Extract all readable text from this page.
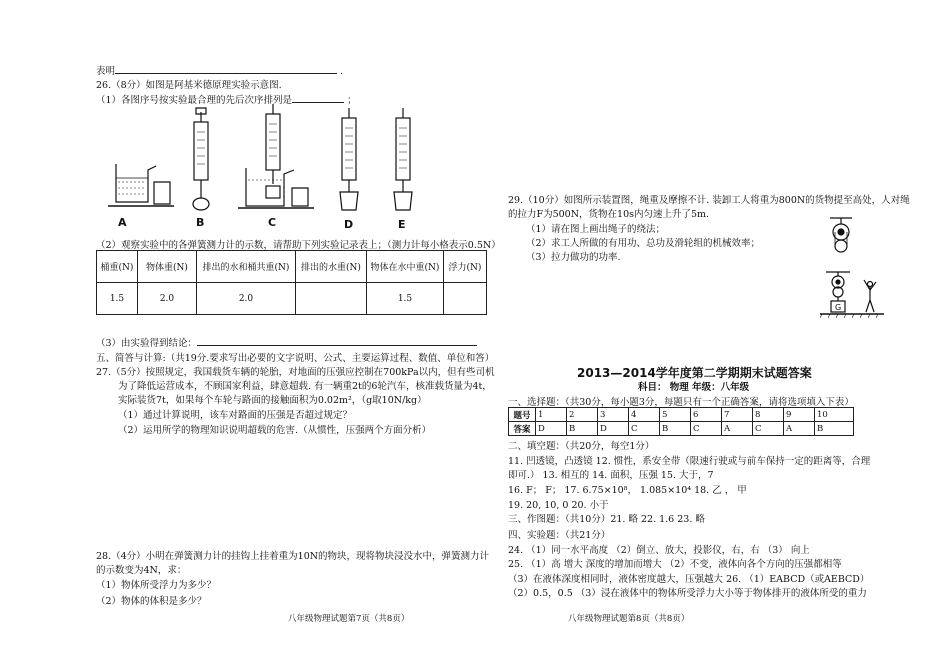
表明	.
26.（8分）如图是阿基米德原理实验示意图.
（1）各图序号按实验最合理的先后次序排列是	；
A	B	C	D	E
（2）观察实验中的各弹簧测力计的示数，请帮助下列实验记录表上；（测力计每小格表示0.5N）
桶重(N)	物体重(N)	排出的水和桶共重(N)	排出的水重(N)	物体在水中重(N)	浮力(N)
1.5	2.0	2.0		1.5	
（3）由实验得到结论：
五、简答与计算:（共19分.要求写出必要的文字说明、公式、主要运算过程、数值、单位和答）
27.（5分）按照规定，我国载货车辆的轮胎，对地面的压强应控制在700kPa以内，但有些司机
为了降低运营成本，不顾国家利益，肆意超载. 有一辆重2t的6轮汽车，核准载货量为4t，
实际装货7t，如果每个车轮与路面的接触面积为0.02m²，（g取10N/kg）
（1）通过计算说明，该车对路面的压强是否超过规定？
（2）运用所学的物理知识说明超载的危害.（从惯性，压强两个方面分析）
28.（4分）小明在弹簧测力计的挂钩上挂着重为10N的物块，现将物块浸没水中，弹簧测力计
的示数变为4N，求：
（1）物体所受浮力为多少？
（2）物体的体积是多少？
八年级物理试题第7页（共8页）
29.（10分）如图所示装置图，绳重及摩擦不计. 装卸工人将重为800N的货物提至高处，人对绳
的拉力F为500N，货物在10s内匀速上升了5m.
（1）请在图上画出绳子的绕法；
（2）求工人所做的有用功、总功及滑轮组的机械效率；
（3）拉力做功的功率.
G
2013—2014学年度第二学期期末试题答案
科目： 物理 年级：八年级
一、选择题：（共30分，每小题3分，每题只有一个正确答案，请将选项填入下表）
题号	1	2	3	4	5	6	7	8	9	10
答案	D	B	D	C	B	C	A	C	A	B
二、填空题：（共20分，每空1分）
11. 凹透镜，凸透镜 12. 惯性，系安全带（限速行驶或与前车保持一定的距离等，合理
即可.） 13. 相互的 14. 面积，压强 15. 大于，7
16. F； F； 17. 6.75×10⁸， 1.085×10⁴ 18. 乙 ， 甲
19. 20, 10, 0 20. 小于
三、作图题：（共10分）21. 略 22. 1.6 23. 略
四、实验题：（共21分）
24. （1）同一水平高度 （2）倒立、放大，投影仪，右，右 （3） 向上
25. （1）高 增大 深度的增加而增大 （2）不变，液体向各个方向的压强都相等
（3）在液体深度相同时，液体密度越大，压强越大 26. （1）EABCD（或AEBCD）
（2）0.5，0.5 （3）浸在液体中的物体所受浮力大小等于物体排开的液体所受的重力
八年级物理试题第8页（共8页）
